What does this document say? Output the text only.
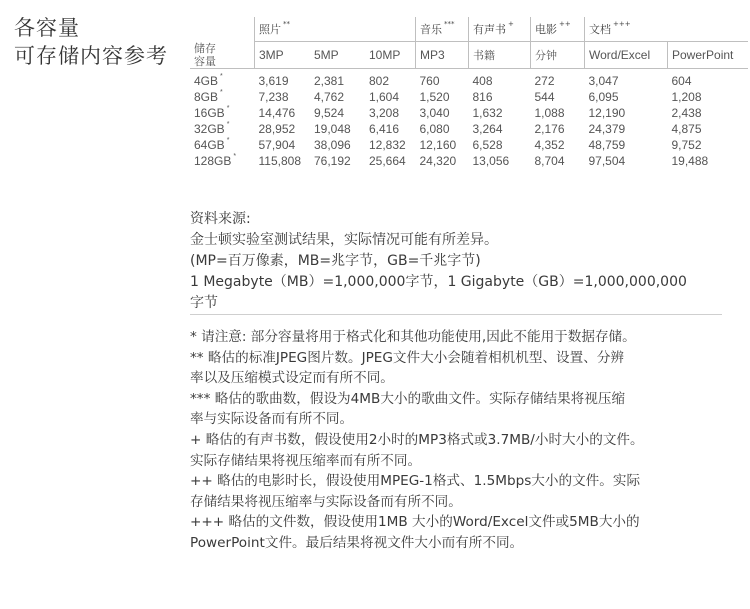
各容量
可存储内容参考
	照片 **			音乐 ***	有声书 +	电影 ++	文档 +++
储存
容量	3MP	5MP	10MP	MP3	书籍	分钟	Word/Excel	PowerPoint
4GB *	3,619	2,381	802	760	408	272	3,047	604
8GB *	7,238	4,762	1,604	1,520	816	544	6,095	1,208
16GB *	14,476	9,524	3,208	3,040	1,632	1,088	12,190	2,438
32GB *	28,952	19,048	6,416	6,080	3,264	2,176	24,379	4,875
64GB *	57,904	38,096	12,832	12,160	6,528	4,352	48,759	9,752
128GB *	115,808	76,192	25,664	24,320	13,056	8,704	97,504	19,488
资料来源:
金士顿实验室测试结果，实际情况可能有所差异。
(MP=百万像素，MB=兆字节，GB=千兆字节)
1 Megabyte（MB）=1,000,000字节，1 Gigabyte（GB）=1,000,000,000
字节
* 请注意: 部分容量将用于格式化和其他功能使用,因此不能用于数据存储。
** 略估的标准JPEG图片数。JPEG文件大小会随着相机机型、设置、分辨
率以及压缩模式设定而有所不同。
*** 略估的歌曲数，假设为4MB大小的歌曲文件。实际存储结果将视压缩
率与实际设备而有所不同。
+ 略估的有声书数，假设使用2小时的MP3格式或3.7MB/小时大小的文件。
实际存储结果将视压缩率而有所不同。
++ 略估的电影时长，假设使用MPEG-1格式、1.5Mbps大小的文件。实际
存储结果将视压缩率与实际设备而有所不同。
+++ 略估的文件数，假设使用1MB 大小的Word/Excel文件或5MB大小的
PowerPoint文件。最后结果将视文件大小而有所不同。
